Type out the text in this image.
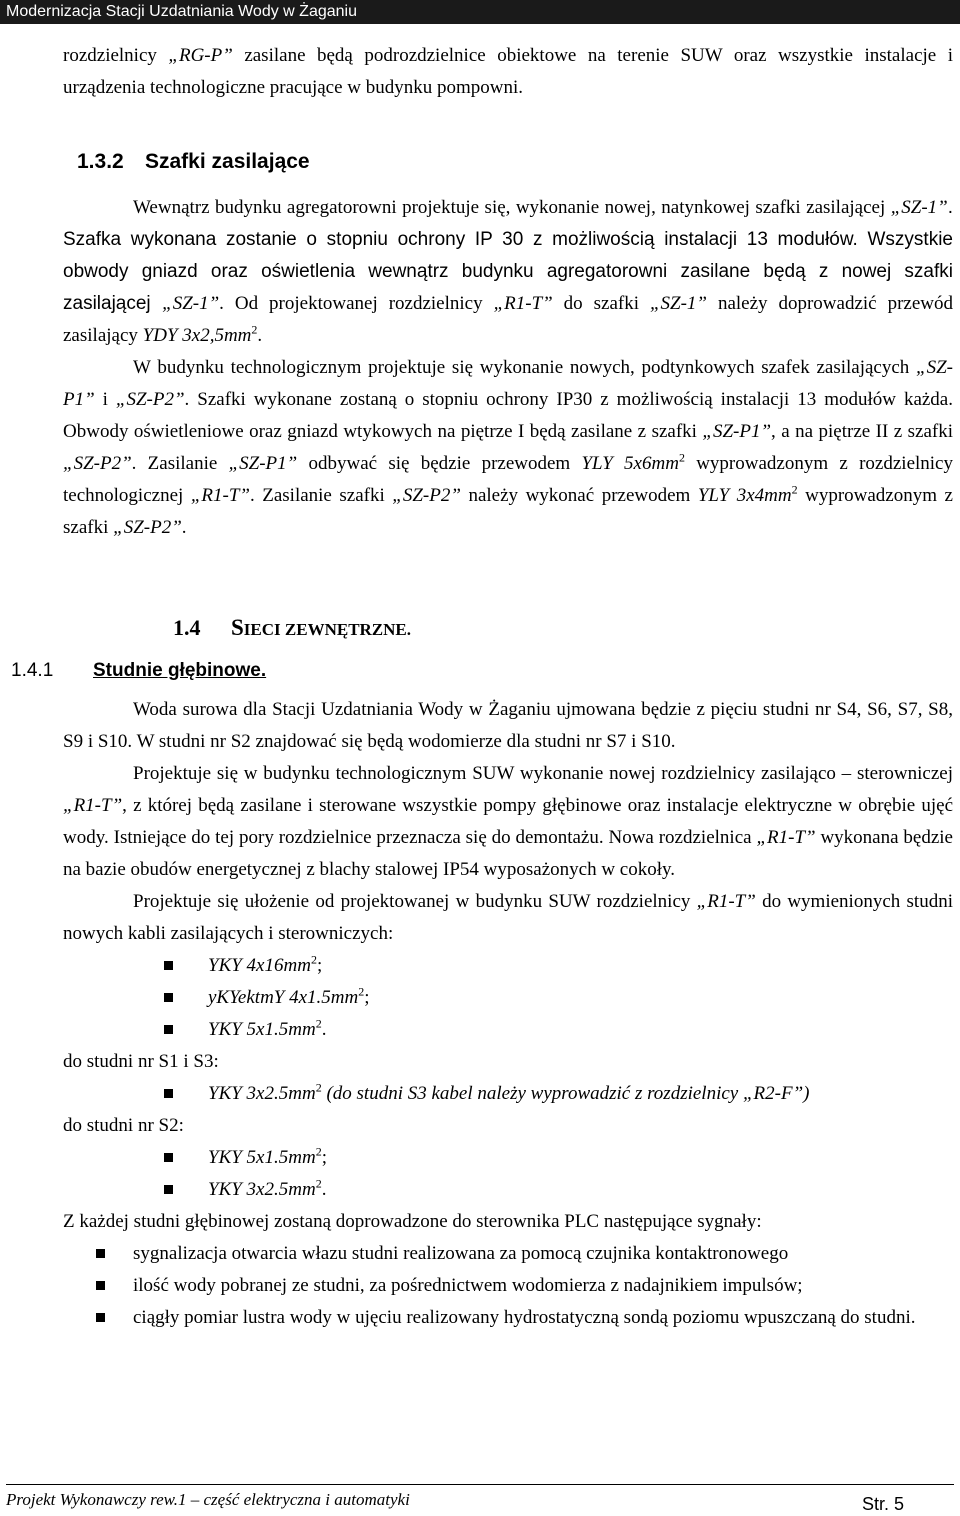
Modernizacja Stacji Uzdatniania Wody w Żaganiu

rozdzielnicy „RG-P” zasilane będą podrozdzielnice obiektowe na terenie SUW oraz wszystkie instalacje i urządzenia technologiczne pracujące w budynku pompowni.

1.3.2 Szafki zasilające

Wewnątrz budynku agregatorowni projektuje się, wykonanie nowej, natynkowej szafki zasilającej „SZ-1”. Szafka wykonana zostanie o stopniu ochrony IP 30 z możliwością instalacji 13 modułów. Wszystkie obwody gniazd oraz oświetlenia wewnątrz budynku agregatorowni zasilane będą z nowej szafki zasilającej „SZ-1”. Od projektowanej rozdzielnicy „R1-T” do szafki „SZ-1” należy doprowadzić przewód zasilający YDY $3x2,5mm^2$.

W budynku technologicznym projektuje się wykonanie nowych, podtynkowych szafek zasilających „SZ-P1” i „SZ-P2”. Szafki wykonane zostaną o stopniu ochrony IP30 z możliwością instalacji 13 modułów każda. Obwody oświetleniowe oraz gniazd wtykowych na piętrze I będą zasilane z szafki „SZ-P1”, a na piętrze II z szafki „SZ-P2”. Zasilanie „SZ-P1” odbywać się będzie przewodem YLY $5x6mm^2$ wyprowadzonym z rozdzielnicy technologicznej „R1-T”. Zasilanie szafki „SZ-P2” należy wykonać przewodem YLY $3x4mm^2$ wyprowadzonym z szafki „SZ-P2”.

1.4 SIECI ZEWNĘTRZNE.
1.4.1 Studnie głębinowe.

Woda surowa dla Stacji Uzdatniania Wody w Żaganiu ujmowana będzie z pięciu studni nr S4, S6, S7, S8, S9 i S10. W studni nr S2 znajdować się będą wodomierze dla studni nr S7 i S10.

Projektuje się w budynku technologicznym SUW wykonanie nowej rozdzielnicy zasilająco – sterowniczej „R1-T”, z której będą zasilane i sterowane wszystkie pompy głębinowe oraz instalacje elektryczne w obrębie ujęć wody. Istniejące do tej pory rozdzielnice przeznacza się do demontażu. Nowa rozdzielnica „R1-T” wykonana będzie na bazie obudów energetycznej z blachy stalowej IP54 wyposażonych w cokoły.

Projektuje się ułożenie od projektowanej w budynku SUW rozdzielnicy „R1-T” do wymienionych studni nowych kabli zasilających i sterowniczych:

YKY $4x16mm^2$;
yKYektmY $4x1.5mm^2$;
YKY $5x1.5mm^2$.

do studni nr S1 i S3:

YKY $3x2.5mm^2$ (do studni S3 kabel należy wyprowadzić z rozdzielnicy „R2-F”)

do studni nr S2:

YKY $5x1.5mm^2$;
YKY $3x2.5mm^2$.

Z każdej studni głębinowej zostaną doprowadzone do sterownika PLC następujące sygnały:

sygnalizacja otwarcia włazu studni realizowana za pomocą czujnika kontaktronowego
ilość wody pobranej ze studni, za pośrednictwem wodomierza z nadajnikiem impulsów;
ciągły pomiar lustra wody w ujęciu realizowany hydrostatyczną sondą poziomu wpuszczaną do studni.
Projekt Wykonawczy rew.1 – część elektryczna i automatyki	Str. 5
